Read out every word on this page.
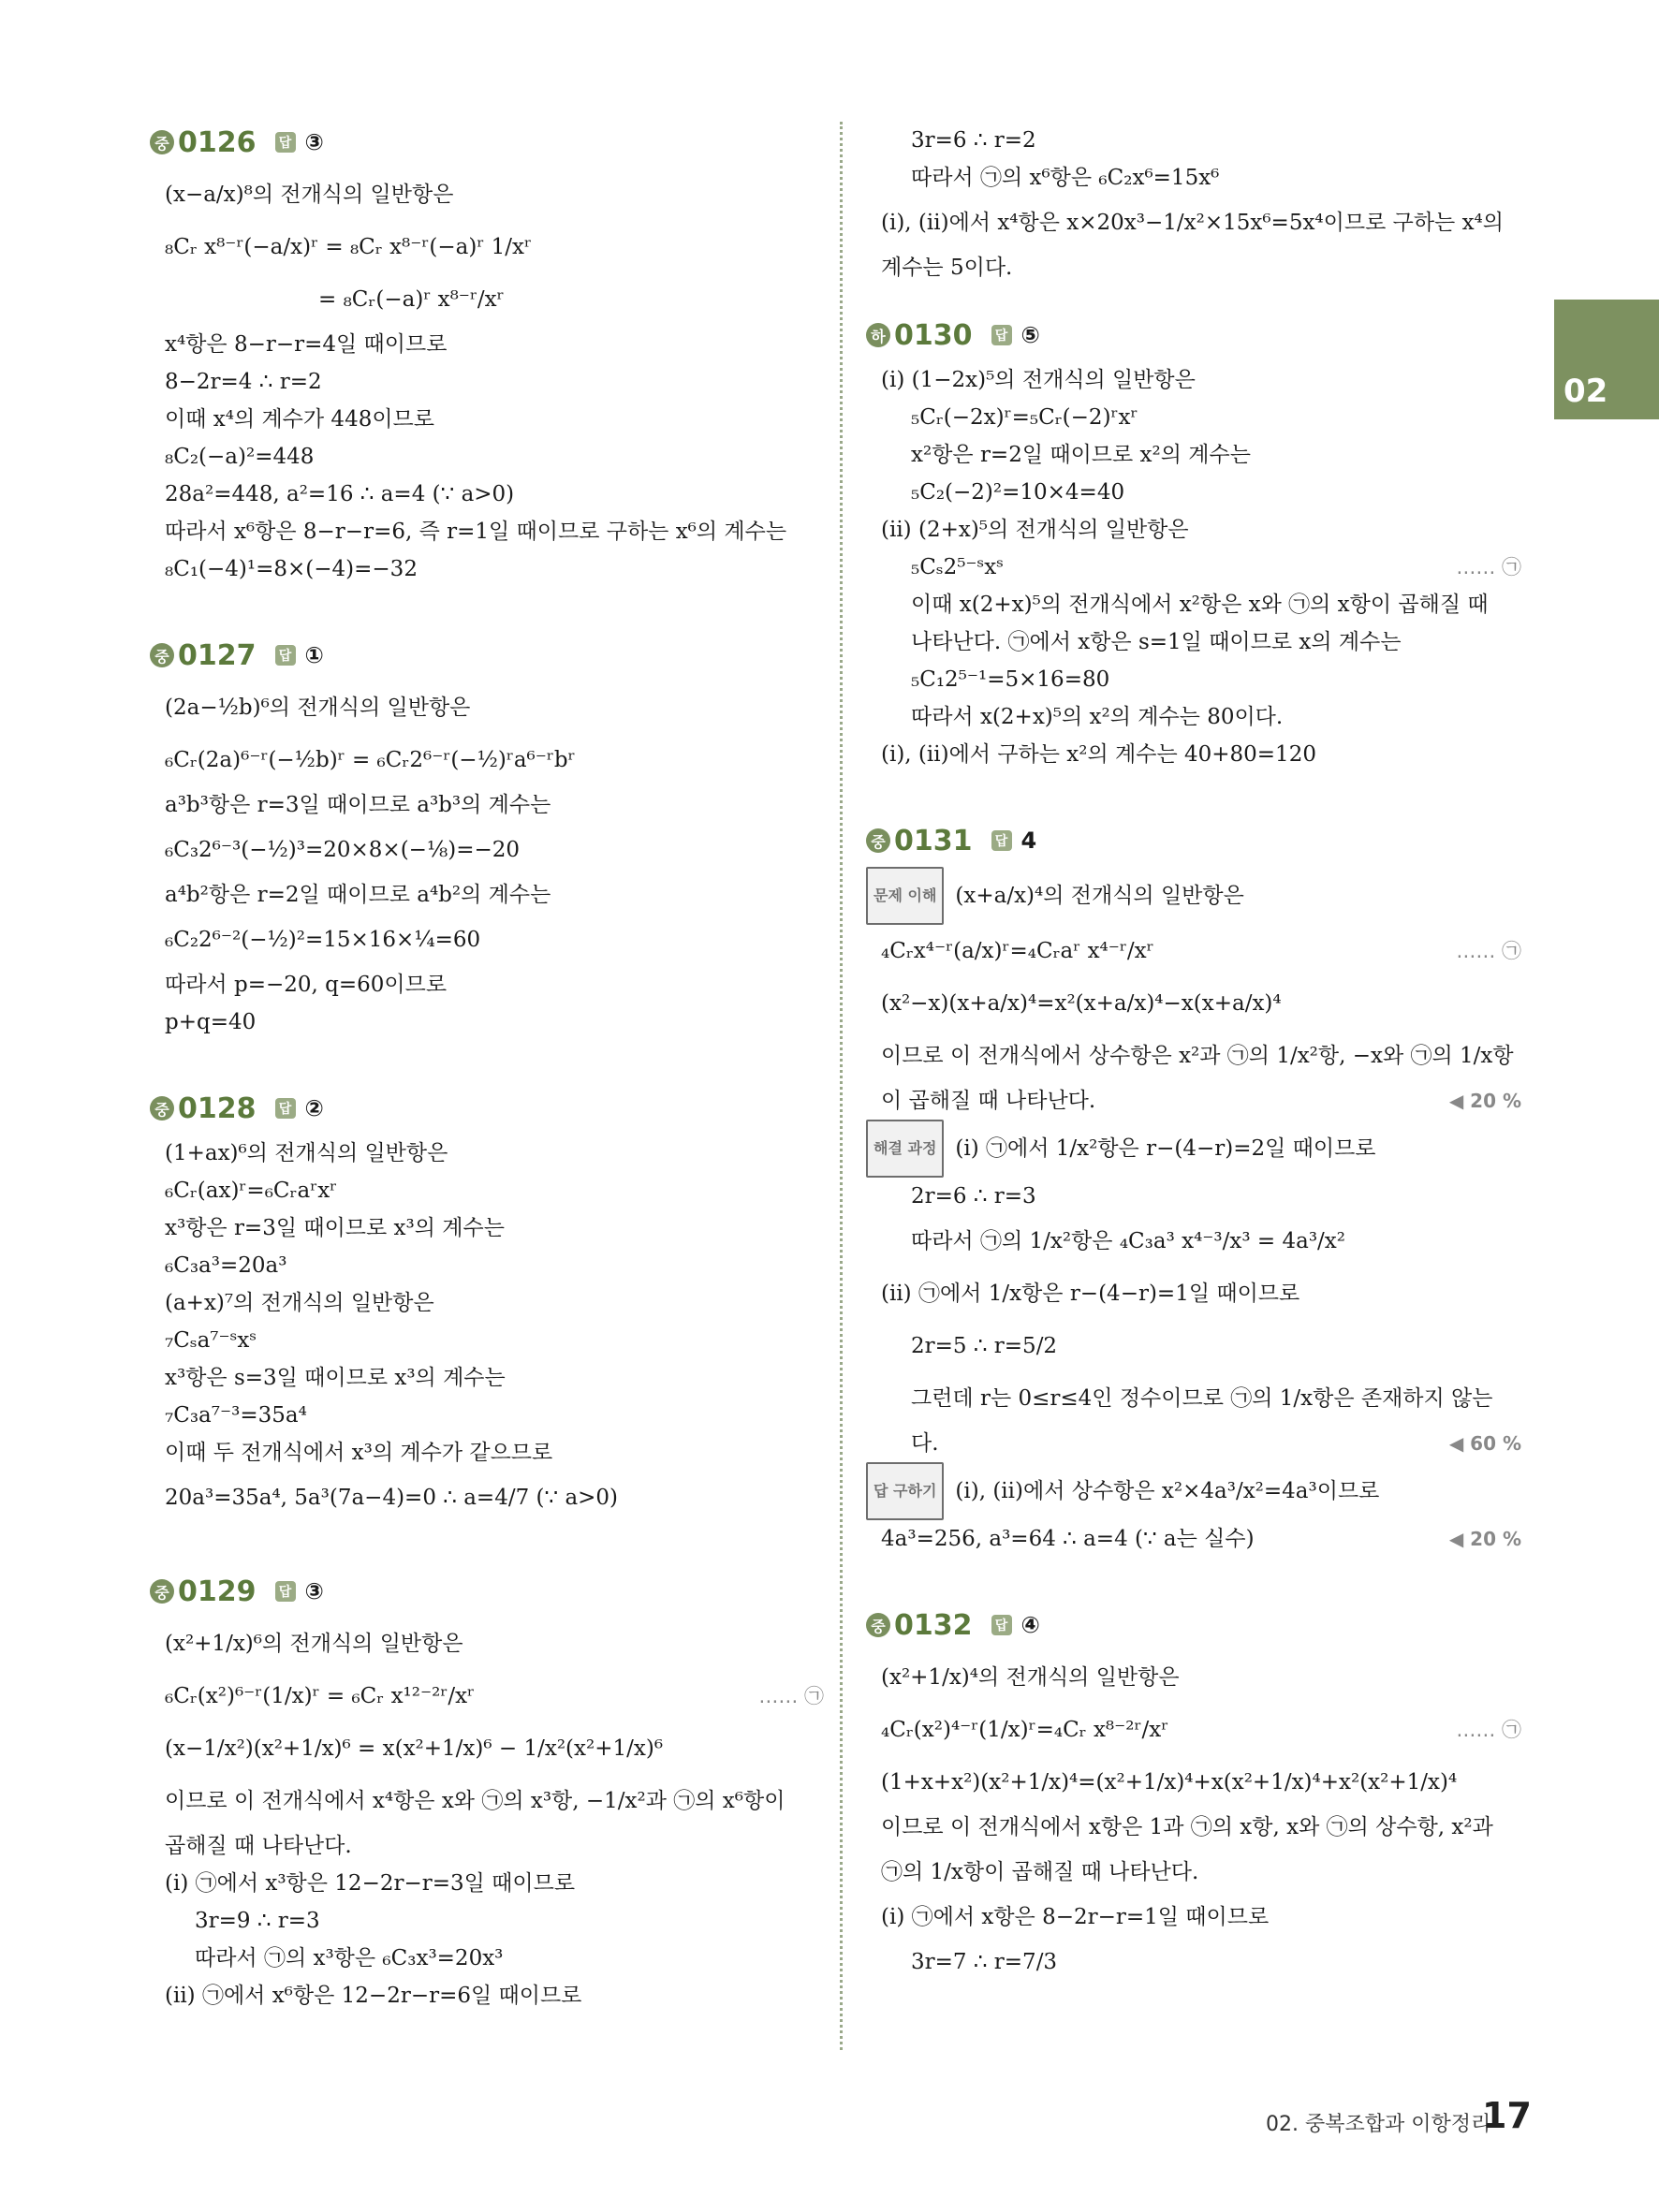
02
중 0126	답 ③
(x−a/x)⁸의 전개식의 일반항은
₈Cᵣ x⁸⁻ʳ(−a/x)ʳ = ₈Cᵣ x⁸⁻ʳ(−a)ʳ 1/xʳ
= ₈Cᵣ(−a)ʳ x⁸⁻ʳ/xʳ
x⁴항은 8−r−r=4일 때이므로
8−2r=4 ∴ r=2
이때 x⁴의 계수가 448이므로
₈C₂(−a)²=448
28a²=448, a²=16 ∴ a=4 (∵ a>0)
따라서 x⁶항은 8−r−r=6, 즉 r=1일 때이므로 구하는 x⁶의 계수는
₈C₁(−4)¹=8×(−4)=−32
중 0127	답 ①
(2a−½b)⁶의 전개식의 일반항은
₆Cᵣ(2a)⁶⁻ʳ(−½b)ʳ = ₆Cᵣ2⁶⁻ʳ(−½)ʳa⁶⁻ʳbʳ
a³b³항은 r=3일 때이므로 a³b³의 계수는
₆C₃2⁶⁻³(−½)³=20×8×(−⅛)=−20
a⁴b²항은 r=2일 때이므로 a⁴b²의 계수는
₆C₂2⁶⁻²(−½)²=15×16×¼=60
따라서 p=−20, q=60이므로
p+q=40
중 0128	답 ②
(1+ax)⁶의 전개식의 일반항은
₆Cᵣ(ax)ʳ=₆Cᵣaʳxʳ
x³항은 r=3일 때이므로 x³의 계수는
₆C₃a³=20a³
(a+x)⁷의 전개식의 일반항은
₇Cₛa⁷⁻ˢxˢ
x³항은 s=3일 때이므로 x³의 계수는
₇C₃a⁷⁻³=35a⁴
이때 두 전개식에서 x³의 계수가 같으므로
20a³=35a⁴, 5a³(7a−4)=0 ∴ a=4/7 (∵ a>0)
중 0129	답 ③
(x²+1/x)⁶의 전개식의 일반항은
₆Cᵣ(x²)⁶⁻ʳ(1/x)ʳ = ₆Cᵣ x¹²⁻²ʳ/xʳ	…… ㉠
(x−1/x²)(x²+1/x)⁶ = x(x²+1/x)⁶ − 1/x²(x²+1/x)⁶
이므로 이 전개식에서 x⁴항은 x와 ㉠의 x³항, −1/x²과 ㉠의 x⁶항이
곱해질 때 나타난다.
(ⅰ) ㉠에서 x³항은 12−2r−r=3일 때이므로
3r=9 ∴ r=3
따라서 ㉠의 x³항은 ₆C₃x³=20x³
(ⅱ) ㉠에서 x⁶항은 12−2r−r=6일 때이므로
3r=6 ∴ r=2
따라서 ㉠의 x⁶항은 ₆C₂x⁶=15x⁶
(ⅰ), (ⅱ)에서 x⁴항은 x×20x³−1/x²×15x⁶=5x⁴이므로 구하는 x⁴의
계수는 5이다.
하 0130	답 ⑤
(ⅰ) (1−2x)⁵의 전개식의 일반항은
₅Cᵣ(−2x)ʳ=₅Cᵣ(−2)ʳxʳ
x²항은 r=2일 때이므로 x²의 계수는
₅C₂(−2)²=10×4=40
(ⅱ) (2+x)⁵의 전개식의 일반항은
₅Cₛ2⁵⁻ˢxˢ	…… ㉠
이때 x(2+x)⁵의 전개식에서 x²항은 x와 ㉠의 x항이 곱해질 때
나타난다. ㉠에서 x항은 s=1일 때이므로 x의 계수는
₅C₁2⁵⁻¹=5×16=80
따라서 x(2+x)⁵의 x²의 계수는 80이다.
(ⅰ), (ⅱ)에서 구하는 x²의 계수는 40+80=120
중 0131	답 4
문제 이해 (x+a/x)⁴의 전개식의 일반항은
₄Cᵣx⁴⁻ʳ(a/x)ʳ=₄Cᵣaʳ x⁴⁻ʳ/xʳ	…… ㉠
(x²−x)(x+a/x)⁴=x²(x+a/x)⁴−x(x+a/x)⁴
이므로 이 전개식에서 상수항은 x²과 ㉠의 1/x²항, −x와 ㉠의 1/x항
이 곱해질 때 나타난다.	◀ 20 %
해결 과정 (ⅰ) ㉠에서 1/x²항은 r−(4−r)=2일 때이므로
2r=6 ∴ r=3
따라서 ㉠의 1/x²항은 ₄C₃a³ x⁴⁻³/x³ = 4a³/x²
(ⅱ) ㉠에서 1/x항은 r−(4−r)=1일 때이므로
2r=5 ∴ r=5/2
그런데 r는 0≤r≤4인 정수이므로 ㉠의 1/x항은 존재하지 않는
다.	◀ 60 %
답 구하기 (ⅰ), (ⅱ)에서 상수항은 x²×4a³/x²=4a³이므로
4a³=256, a³=64 ∴ a=4 (∵ a는 실수)	◀ 20 %
중 0132	답 ④
(x²+1/x)⁴의 전개식의 일반항은
₄Cᵣ(x²)⁴⁻ʳ(1/x)ʳ=₄Cᵣ x⁸⁻²ʳ/xʳ	…… ㉠
(1+x+x²)(x²+1/x)⁴=(x²+1/x)⁴+x(x²+1/x)⁴+x²(x²+1/x)⁴
이므로 이 전개식에서 x항은 1과 ㉠의 x항, x와 ㉠의 상수항, x²과
㉠의 1/x항이 곱해질 때 나타난다.
(ⅰ) ㉠에서 x항은 8−2r−r=1일 때이므로
3r=7 ∴ r=7/3
02. 중복조합과 이항정리
17
